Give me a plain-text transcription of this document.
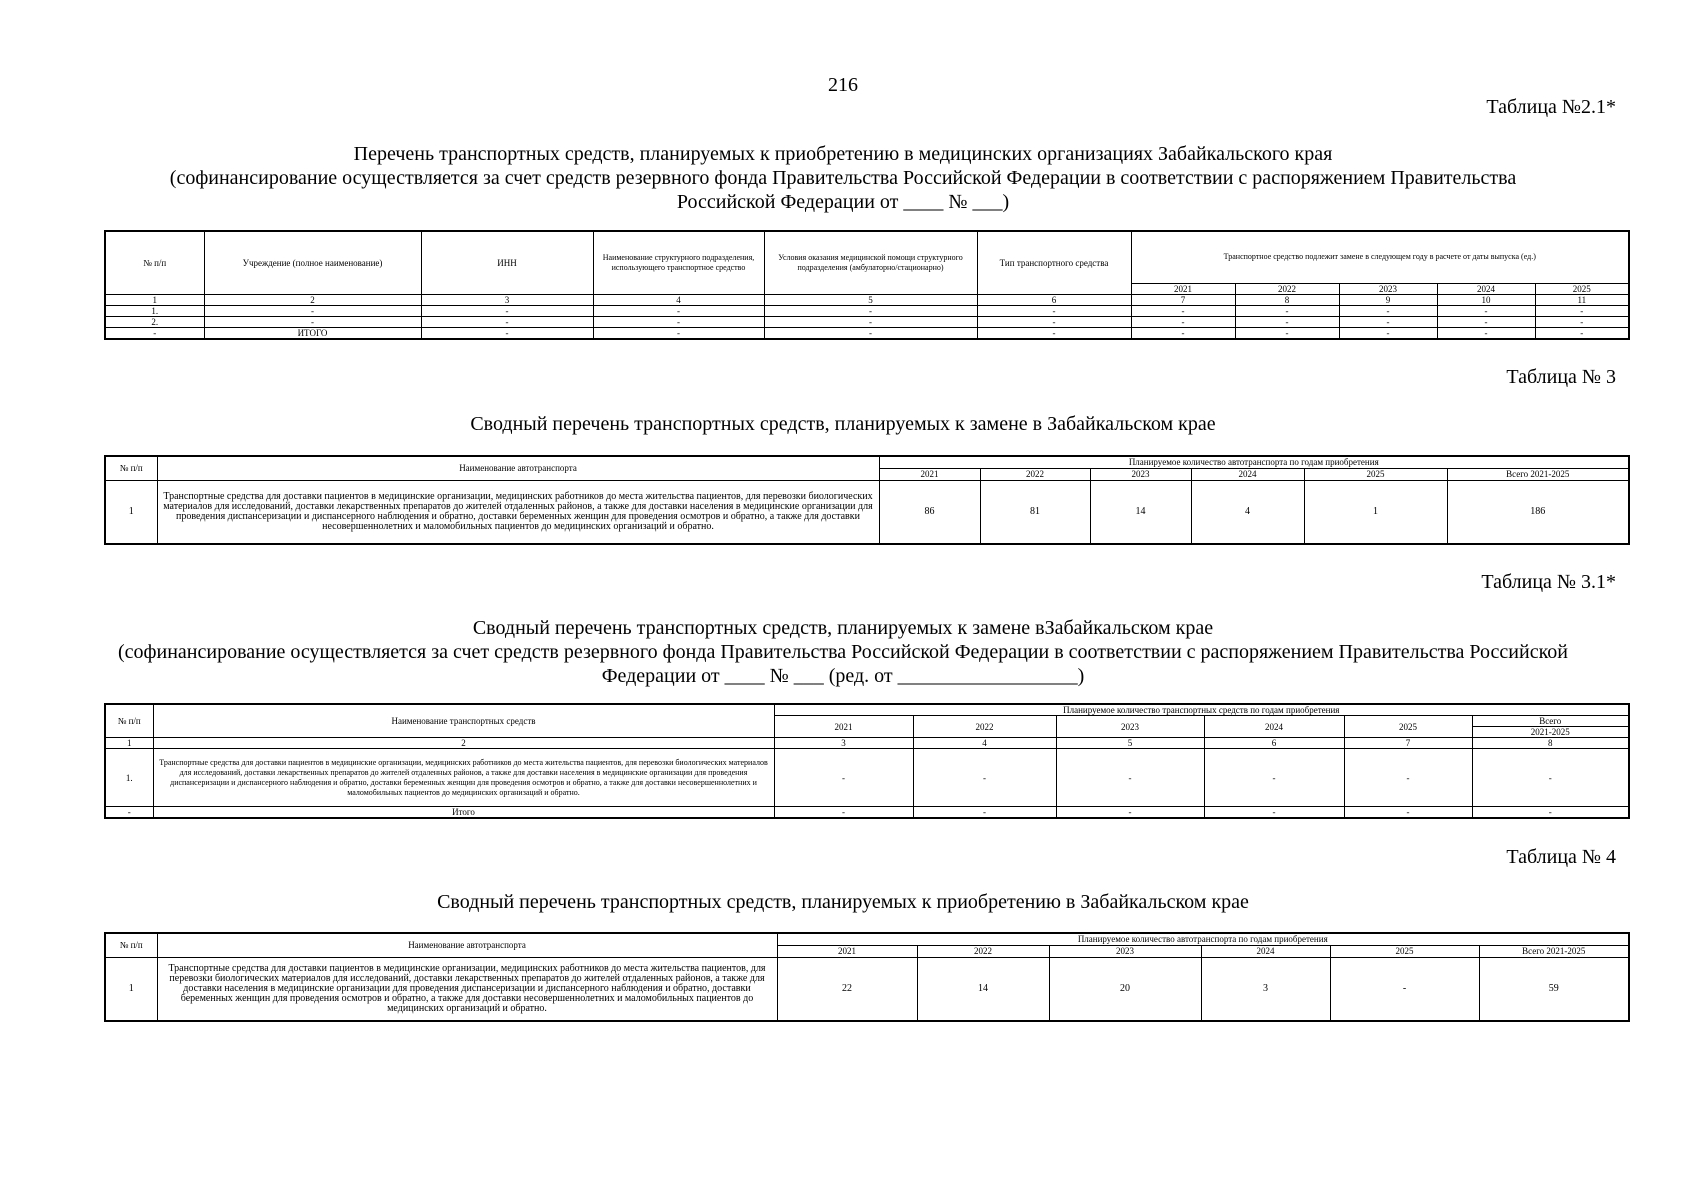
216
Таблица №2.1*
Перечень транспортных средств, планируемых к приобретению в медицинских организациях Забайкальского края
(софинансирование осуществляется за счет средств резервного фонда Правительства Российской Федерации в соответствии с распоряжением Правительства
Российской Федерации от ____ № ___)
№ п/п	Учреждение (полное наименование)	ИНН	Наименование структурного подразделения, использующего транспортное средство	Условия оказания медицинской помощи структурного подразделения (амбулаторно/стационарно)	Тип транспортного средства	Транспортное средство подлежит замене в следующем году в расчете от даты выпуска (ед.)				
						2021	2022	2023	2024	2025
1	2	3	4	5	6	7	8	9	10	11
1.	-	-	-	-	-	-	-	-	-	-
2.	-	-	-	-	-	-	-	-	-	-
-	ИТОГО	-	-	-	-	-	-	-	-	-
Таблица № 3
Сводный перечень транспортных средств, планируемых к замене в Забайкальском крае
№ п/п	Наименование автотранспорта	Планируемое количество автотранспорта по годам приобретения					
		2021	2022	2023	2024	2025	Всего 2021-2025
1	Транспортные средства для доставки пациентов в медицинские организации, медицинских работников до места жительства пациентов, для перевозки биологических материалов для исследований, доставки лекарственных препаратов до жителей отдаленных районов, а также для доставки населения в медицинские организации для проведения диспансеризации и диспансерного наблюдения и обратно, доставки беременных женщин для проведения осмотров и обратно, а также для доставки несовершеннолетних и маломобильных пациентов до медицинских организаций и обратно.	86	81	14	4	1	186
Таблица № 3.1*
Сводный перечень транспортных средств, планируемых к замене вЗабайкальском крае
(софинансирование осуществляется за счет средств резервного фонда Правительства Российской Федерации в соответствии с распоряжением Правительства Российской
Федерации от ____ № ___ (ред. от __________________)
№ п/п	Наименование транспортных средств	Планируемое количество транспортных средств по годам приобретения					
		2021	2022	2023	2024	2025	Всего
							2021-2025
1	2	3	4	5	6	7	8
1.	Транспортные средства для доставки пациентов в медицинские организации, медицинских работников до места жительства пациентов, для перевозки биологических материалов для исследований, доставки лекарственных препаратов до жителей отдаленных районов, а также для доставки населения в медицинские организации для проведения диспансеризации и диспансерного наблюдения и обратно, доставки беременных женщин для проведения осмотров и обратно, а также для доставки несовершеннолетних и маломобильных пациентов до медицинских организаций и обратно.	-	-	-	-	-	-
-	Итого	-	-	-	-	-	-
Таблица № 4
Сводный перечень транспортных средств, планируемых к приобретению в Забайкальском крае
№ п/п	Наименование автотранспорта	Планируемое количество автотранспорта по годам приобретения					
		2021	2022	2023	2024	2025	Всего 2021-2025
1	Транспортные средства для доставки пациентов в медицинские организации, медицинских работников до места жительства пациентов, для перевозки биологических материалов для исследований, доставки лекарственных препаратов до жителей отдаленных районов, а также для доставки населения в медицинские организации для проведения диспансеризации и диспансерного наблюдения и обратно, доставки беременных женщин для проведения осмотров и обратно, а также для доставки несовершеннолетних и маломобильных пациентов до медицинских организаций и обратно.	22	14	20	3	-	59
